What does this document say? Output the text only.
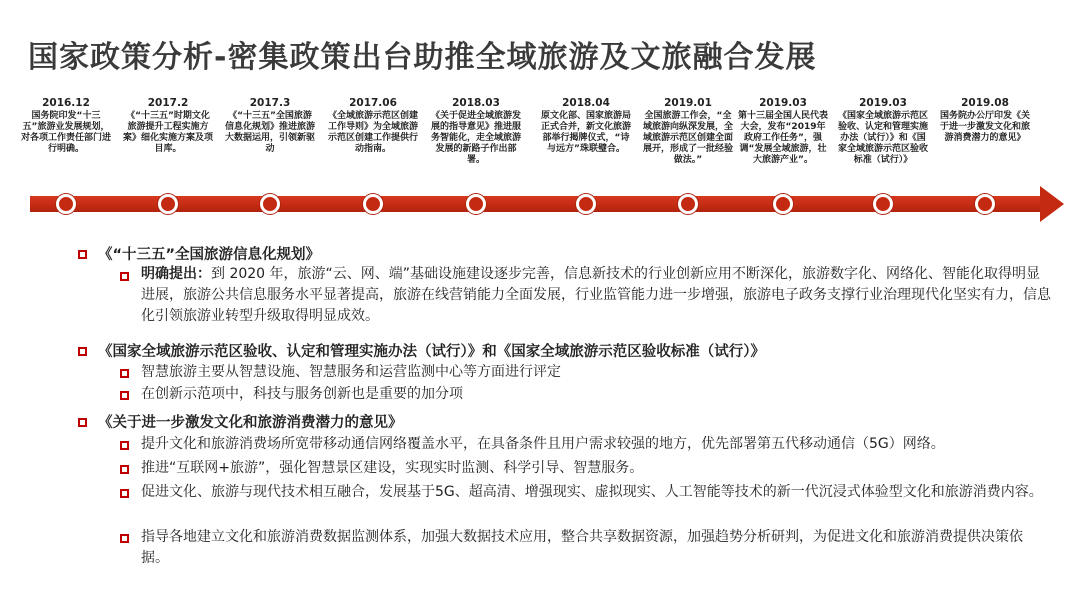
国家政策分析-密集政策出台助推全域旅游及文旅融合发展
2016.12
国务院印发“十三五”旅游业发展规划，对各项工作责任部门进行明确。
2017.2
《“十三五”时期文化旅游提升工程实施方案》细化实施方案及项目库。
2017.3
《“十三五”全国旅游信息化规划》推进旅游大数据运用，引领新驱动
2017.06
《全域旅游示范区创建工作导则》为全域旅游示范区创建工作提供行动指南。
2018.03
《关于促进全域旅游发展的指导意见》推进服务智能化，走全域旅游发展的新路子作出部署。
2018.04
原文化部、国家旅游局正式合并，新文化旅游部举行揭牌仪式，“诗与远方”珠联璧合。
2019.01
全国旅游工作会，“全域旅游向纵深发展，全域旅游示范区创建全面展开，形成了一批经验做法。”
2019.03
第十三届全国人民代表大会，发布“2019年政府工作任务”，强调“发展全域旅游，壮大旅游产业”。
2019.03
《国家全域旅游示范区验收、认定和管理实施办法（试行）》和《国家全域旅游示范区验收标准（试行）》
2019.08
国务院办公厅印发《关于进一步激发文化和旅游消费潜力的意见》
《“十三五”全国旅游信息化规划》
明确提出：到 2020 年，旅游“云、网、端”基础设施建设逐步完善，信息新技术的行业创新应用不断深化，旅游数字化、网络化、智能化取得明显进展，旅游公共信息服务水平显著提高，旅游在线营销能力全面发展，行业监管能力进一步增强，旅游电子政务支撑行业治理现代化坚实有力，信息化引领旅游业转型升级取得明显成效。
《国家全域旅游示范区验收、认定和管理实施办法（试行）》和《国家全域旅游示范区验收标准（试行）》
智慧旅游主要从智慧设施、智慧服务和运营监测中心等方面进行评定
在创新示范项中，科技与服务创新也是重要的加分项
《关于进一步激发文化和旅游消费潜力的意见》
提升文化和旅游消费场所宽带移动通信网络覆盖水平，在具备条件且用户需求较强的地方，优先部署第五代移动通信（5G）网络。
推进“互联网+旅游”，强化智慧景区建设，实现实时监测、科学引导、智慧服务。
促进文化、旅游与现代技术相互融合，发展基于5G、超高清、增强现实、虚拟现实、人工智能等技术的新一代沉浸式体验型文化和旅游消费内容。
指导各地建立文化和旅游消费数据监测体系，加强大数据技术应用，整合共享数据资源，加强趋势分析研判，为促进文化和旅游消费提供决策依据。
